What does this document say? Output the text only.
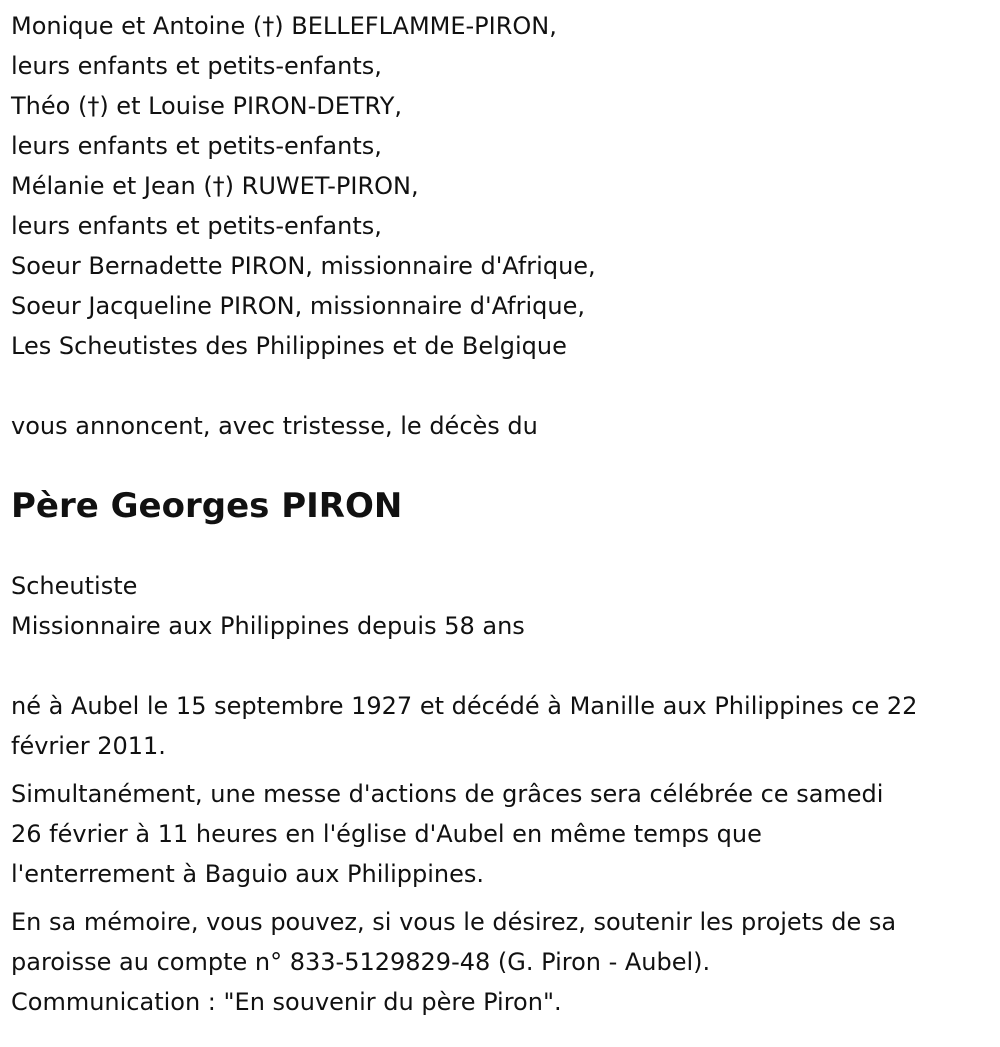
Monique et Antoine (†) BELLEFLAMME-PIRON,
leurs enfants et petits-enfants,
Théo (†) et Louise PIRON-DETRY,
leurs enfants et petits-enfants,
Mélanie et Jean (†) RUWET-PIRON,
leurs enfants et petits-enfants,
Soeur Bernadette PIRON, missionnaire d'Afrique,
Soeur Jacqueline PIRON, missionnaire d'Afrique,
Les Scheutistes des Philippines et de Belgique
vous annoncent, avec tristesse, le décès du
Père Georges PIRON
Scheutiste
Missionnaire aux Philippines depuis 58 ans
né à Aubel le 15 septembre 1927 et décédé à Manille aux Philippines ce 22
février 2011.
Simultanément, une messe d'actions de grâces sera célébrée ce samedi
26 février à 11 heures en l'église d'Aubel en même temps que
l'enterrement à Baguio aux Philippines.
En sa mémoire, vous pouvez, si vous le désirez, soutenir les projets de sa
paroisse au compte n° 833-5129829-48 (G. Piron - Aubel).
Communication : "En souvenir du père Piron".
